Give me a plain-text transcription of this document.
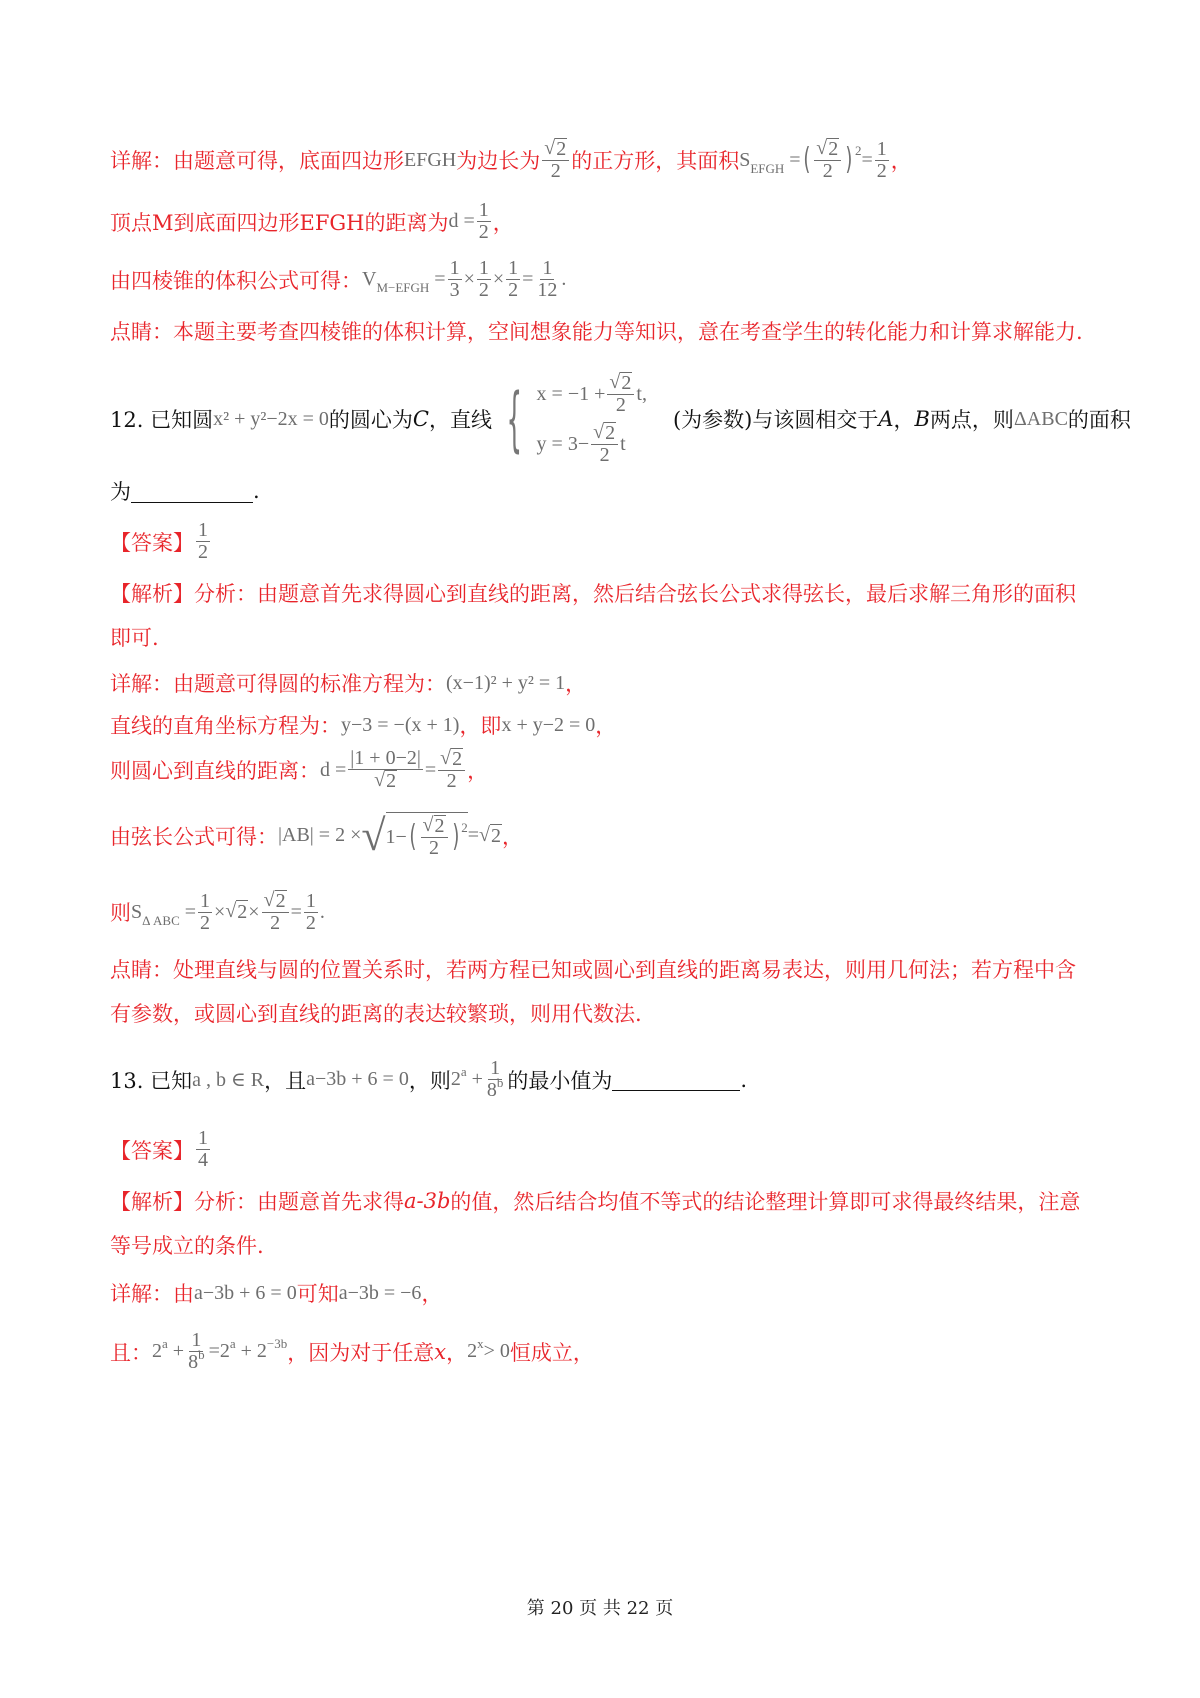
详解：由题意可得，底面四边形 EFGH 为边长为 $\frac{√ 2}{2}$ 的正方形，其面积 $S_{EFGH}$ = ( $\frac{√ 2}{2}$ ) $2 = \frac{1}{2}$ ，
顶点M到底面四边形EFGH的距离为 $d = \frac{1}{2}$ ，
由四棱锥的体积公式可得： $V_{M-EFGH} = \frac{1}{3} \times \frac{1}{2} \times \frac{1}{2} = \frac{1}{12}$ .
点睛：本题主要考查四棱锥的体积计算，空间想象能力等知识，意在考查学生的转化能力和计算求解能力.
12. 已知圆 x² + y²−2x = 0 的圆心为 C ，直线 { $x = -1 + \frac{√ 2}{2}$ t ,
$y = 3- \frac{√ 2}{2}$ t
(为参数)与该圆相交于 A ， B 两点，则 ΔABC 的面积
为	.
【答案】 $\frac{1}{2}$
【解析】 分析：由题意首先求得圆心到直线的距离，然后结合弦长公式求得弦长，最后求解三角形的面积
即可.
详解：由题意可得圆的标准方程为： (x−1)² + y² = 1 ，
直线的直角坐标方程为： y−3 = −(x + 1) ，即 x + y−2 = 0 ，
则圆心到直线的距离： $d = \frac{|1 + 0-2|}{√ 2} = \frac{√ 2}{2}$ ，
由弦长公式可得： |AB| = 2 × √ 1− ( $\frac{√ 2}{2}$ ) 2 = √ 2 ，
则 $S_{\Delta ABC} = \frac{1}{2}$ × √ $2 \times \frac{√ 2}{2} = \frac{1}{2}$ .
点睛：处理直线与圆的位置关系时，若两方程已知或圆心到直线的距离易表达，则用几何法；若方程中含
有参数，或圆心到直线的距离的表达较繁琐，则用代数法.
13. 已知 a , b ∈ R ，且 a−3b + 6 = 0 ，则 $2^a + \frac{1}{8^b}$ 的最小值为	.
【答案】 $\frac{1}{4}$
【解析】 分析：由题意首先求得 a-3b 的值，然后结合均值不等式的结论整理计算即可求得最终结果，注意
等号成立的条件.
详解：由 a−3b + 6 = 0 可知 a−3b = −6 ，
且： $2^a + \frac{1}{8^b} = 2^a + 2^{-3b}$ ，因为对于任意 x ， $2^x> 0$ 恒成立，
第 20 页 共 22 页
